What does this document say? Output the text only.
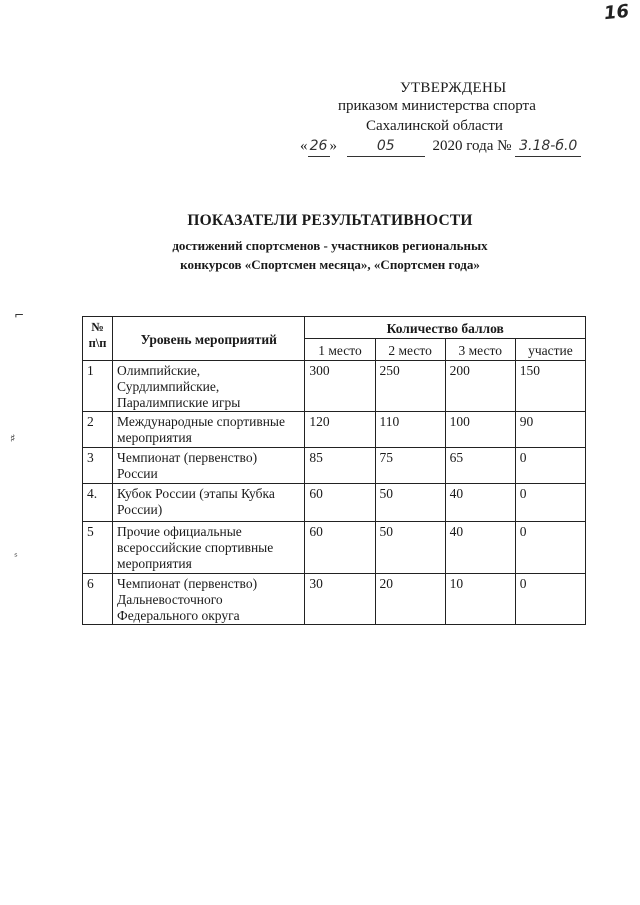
16
УТВЕРЖДЕНЫ
приказом министерства спорта
Сахалинской области
« 26 »	05	2020 года № 3.18-б.0
ПОКАЗАТЕЛИ РЕЗУЛЬТАТИВНОСТИ
достижений спортсменов - участников региональных
конкурсов «Спортсмен месяца», «Спортсмен года»
№ п\п	Уровень мероприятий	Количество баллов			
		1 место	2 место	3 место	участие
1	Олимпийские, Сурдлимпийские, Паралимпиские игры	300	250	200	150
2	Международные спортивные мероприятия	120	110	100	90
3	Чемпионат (первенство) России	85	75	65	0
4.	Кубок России (этапы Кубка России)	60	50	40	0
5	Прочие официальные всероссийские спортивные мероприятия	60	50	40	0
6	Чемпионат (первенство) Дальневосточного Федерального округа	30	20	10	0
⌐
♯
ˢ
